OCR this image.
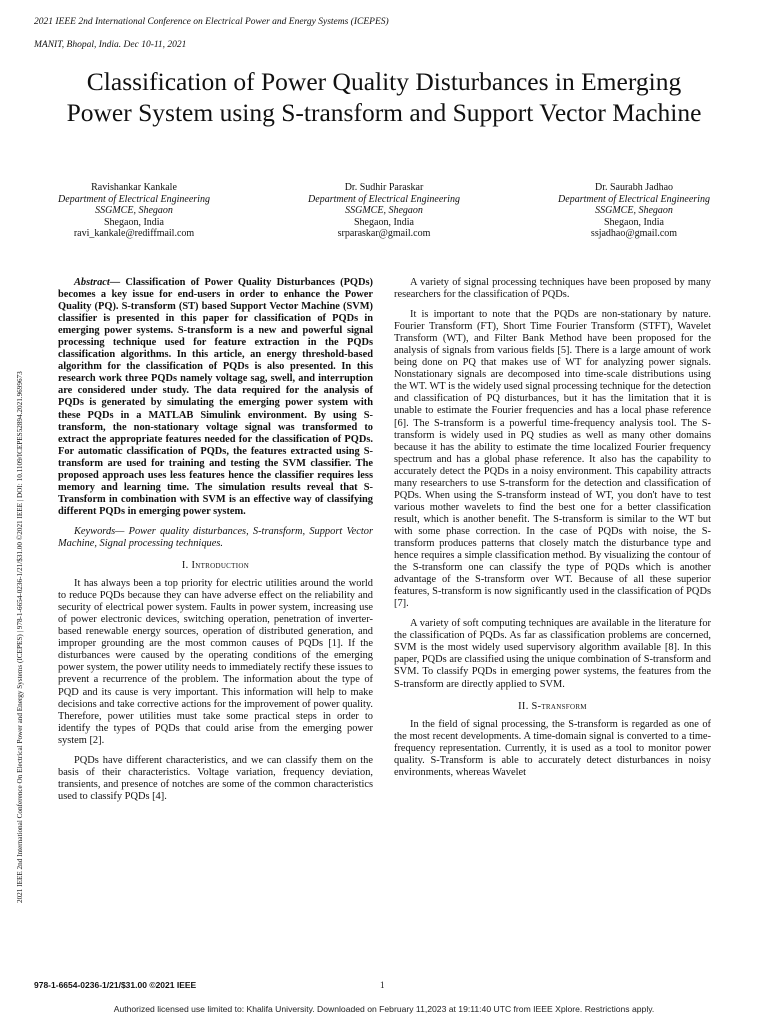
2021 IEEE 2nd International Conference on Electrical Power and Energy Systems (ICEPES)

MANIT, Bhopal, India. Dec 10-11, 2021

2021 IEEE 2nd International Conference On Electrical Power and Energy Systems (ICEPES) | 978-1-6654-0236-1/21/$31.00 ©2021 IEEE | DOI: 10.1109/ICEPES52894.2021.9699673
Classification of Power Quality Disturbances in Emerging Power System using S-transform and Support Vector Machine
Ravishankar Kankale
Department of Electrical Engineering
SSGMCE, Shegaon
Shegaon, India
ravi_kankale@rediffmail.com
Dr. Sudhir Paraskar
Department of Electrical Engineering
SSGMCE, Shegaon
Shegaon, India
srparaskar@gmail.com
Dr. Saurabh Jadhao
Department of Electrical Engineering
SSGMCE, Shegaon
Shegaon, India
ssjadhao@gmail.com

Abstract— Classification of Power Quality Disturbances (PQDs) becomes a key issue for end-users in order to enhance the Power Quality (PQ). S-transform (ST) based Support Vector Machine (SVM) classifier is presented in this paper for classification of PQDs in emerging power systems. S-transform is a new and powerful signal processing technique used for feature extraction in the PQDs classification algorithms. In this article, an energy threshold-based algorithm for the classification of PQDs is also presented. In this research work three PQDs namely voltage sag, swell, and interruption are considered under study. The data required for the analysis of PQDs is generated by simulating the emerging power system with these PQDs in a MATLAB Simulink environment. By using S-transform, the non-stationary voltage signal was transformed to extract the appropriate features needed for the classification of PQDs. For automatic classification of PQDs, the features extracted using S-transform are used for training and testing the SVM classifier. The proposed approach uses less features hence the classifier requires less memory and learning time. The simulation results reveal that S-Transform in combination with SVM is an effective way of classifying different PQDs in emerging power system.

Keywords— Power quality disturbances, S-transform, Support Vector Machine, Signal processing techniques.

I. Introduction

It has always been a top priority for electric utilities around the world to reduce PQDs because they can have adverse effect on the reliability and security of electrical power system. Faults in power system, increasing use of power electronic devices, switching operation, penetration of inverter-based renewable energy sources, operation of distributed generation, and improper grounding are the most common causes of PQDs [1]. If the disturbances were caused by the operating conditions of the emerging power system, the power utility needs to immediately rectify these issues to prevent a recurrence of the problem. The information about the type of PQD and its cause is very important. This information will help to make decisions and take corrective actions for the improvement of power quality. Therefore, power utilities must take some practical steps in order to identify the types of PQDs that could arise from the emerging power system [2].

PQDs have different characteristics, and we can classify them on the basis of their characteristics. Voltage variation, frequency deviation, transients, and presence of notches are some of the common characteristics used to classify PQDs [4].

A variety of signal processing techniques have been proposed by many researchers for the classification of PQDs.

It is important to note that the PQDs are non-stationary by nature. Fourier Transform (FT), Short Time Fourier Transform (STFT), Wavelet Transform (WT), and Filter Bank Method have been proposed for the analysis of signals from various fields [5]. There is a large amount of work being done on PQ that makes use of WT for analyzing power signals. Nonstationary signals are decomposed into time-scale distributions using the WT. WT is the widely used signal processing technique for the detection and classification of PQ disturbances, but it has the limitation that it is unable to estimate the Fourier frequencies and has a local phase reference [6]. The S-transform is a powerful time-frequency analysis tool. The S-transform is widely used in PQ studies as well as many other domains because it has the ability to estimate the time localized Fourier frequency spectrum and has a global phase reference. It also has the capability to accurately detect the PQDs in a noisy environment. This capability attracts many researchers to use S-transform for the detection and classification of PQDs. When using the S-transform instead of WT, you don't have to test various mother wavelets to find the best one for a better classification result, which is another benefit. The S-transform is similar to the WT but with some phase correction. In the case of PQDs with noise, the S-transform produces patterns that closely match the disturbance type and hence requires a simple classification method. By visualizing the contour of the S-transform one can classify the type of PQDs which is another advantage of the S-transform over WT. Because of all these superior features, S-transform is now significantly used in the classification of PQDs [7].

A variety of soft computing techniques are available in the literature for the classification of PQDs. As far as classification problems are concerned, SVM is the most widely used supervisory algorithm available [8]. In this paper, PQDs are classified using the unique combination of S-transform and SVM. To classify PQDs in emerging power systems, the features from the S-transform are directly applied to SVM.

II. S-transform

In the field of signal processing, the S-transform is regarded as one of the most recent developments. A time-domain signal is converted to a time-frequency representation. Currently, it is used as a tool to monitor power quality. S-Transform is able to accurately detect disturbances in noisy environments, whereas Wavelet

978-1-6654-0236-1/21/$31.00 ©2021 IEEE	1
Authorized licensed use limited to: Khalifa University. Downloaded on February 11,2023 at 19:11:40 UTC from IEEE Xplore. Restrictions apply.
